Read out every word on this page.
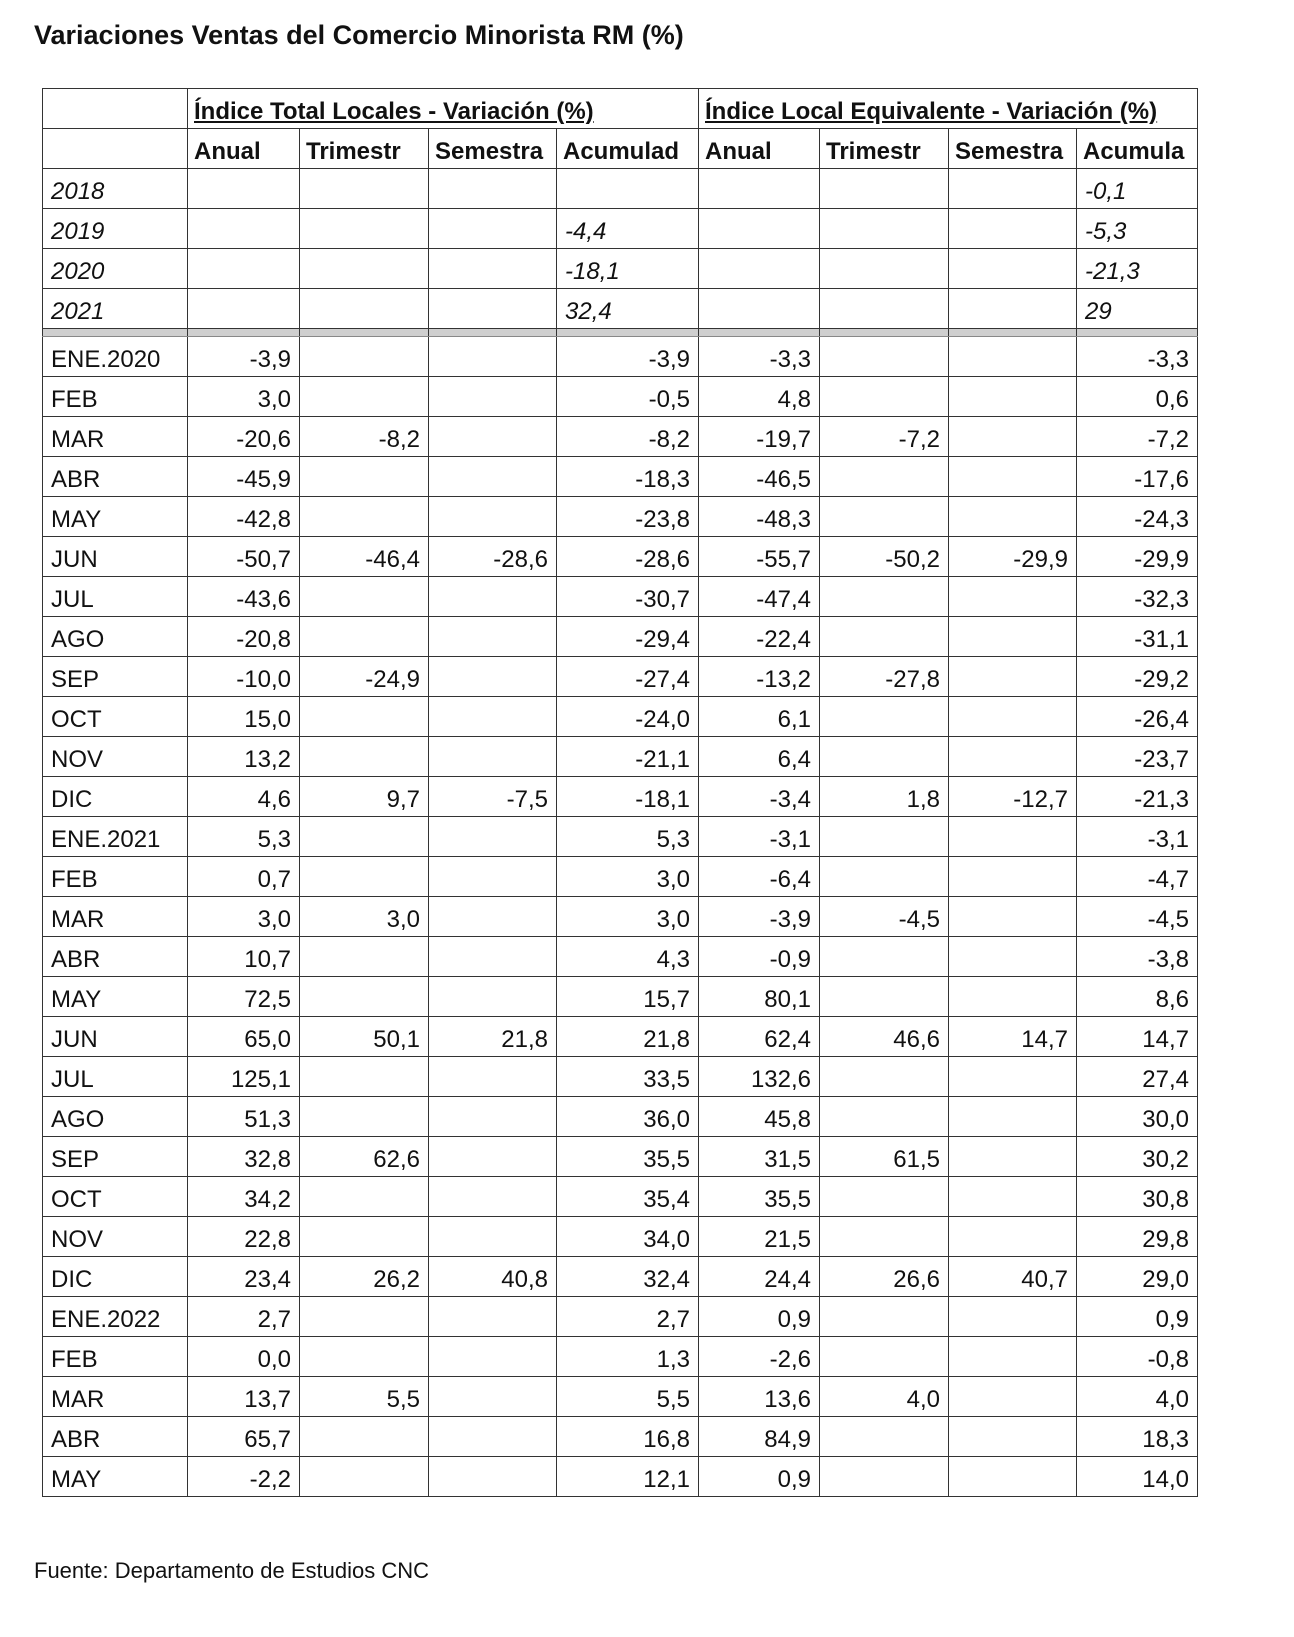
Variaciones Ventas del Comercio Minorista RM (%)
	Índice Total Locales - Variación (%)				Índice Local Equivalente - Variación (%)			
	Anual	Trimestr	Semestra	Acumulad	Anual	Trimestr	Semestra	Acumula
2018								-0,1
2019				-4,4				-5,3
2020				-18,1				-21,3
2021				32,4				29

ENE.2020	-3,9			-3,9	-3,3			-3,3
FEB	3,0			-0,5	4,8			0,6
MAR	-20,6	-8,2		-8,2	-19,7	-7,2		-7,2
ABR	-45,9			-18,3	-46,5			-17,6
MAY	-42,8			-23,8	-48,3			-24,3
JUN	-50,7	-46,4	-28,6	-28,6	-55,7	-50,2	-29,9	-29,9
JUL	-43,6			-30,7	-47,4			-32,3
AGO	-20,8			-29,4	-22,4			-31,1
SEP	-10,0	-24,9		-27,4	-13,2	-27,8		-29,2
OCT	15,0			-24,0	6,1			-26,4
NOV	13,2			-21,1	6,4			-23,7
DIC	4,6	9,7	-7,5	-18,1	-3,4	1,8	-12,7	-21,3
ENE.2021	5,3			5,3	-3,1			-3,1
FEB	0,7			3,0	-6,4			-4,7
MAR	3,0	3,0		3,0	-3,9	-4,5		-4,5
ABR	10,7			4,3	-0,9			-3,8
MAY	72,5			15,7	80,1			8,6
JUN	65,0	50,1	21,8	21,8	62,4	46,6	14,7	14,7
JUL	125,1			33,5	132,6			27,4
AGO	51,3			36,0	45,8			30,0
SEP	32,8	62,6		35,5	31,5	61,5		30,2
OCT	34,2			35,4	35,5			30,8
NOV	22,8			34,0	21,5			29,8
DIC	23,4	26,2	40,8	32,4	24,4	26,6	40,7	29,0
ENE.2022	2,7			2,7	0,9			0,9
FEB	0,0			1,3	-2,6			-0,8
MAR	13,7	5,5		5,5	13,6	4,0		4,0
ABR	65,7			16,8	84,9			18,3
MAY	-2,2			12,1	0,9			14,0
Fuente: Departamento de Estudios CNC
